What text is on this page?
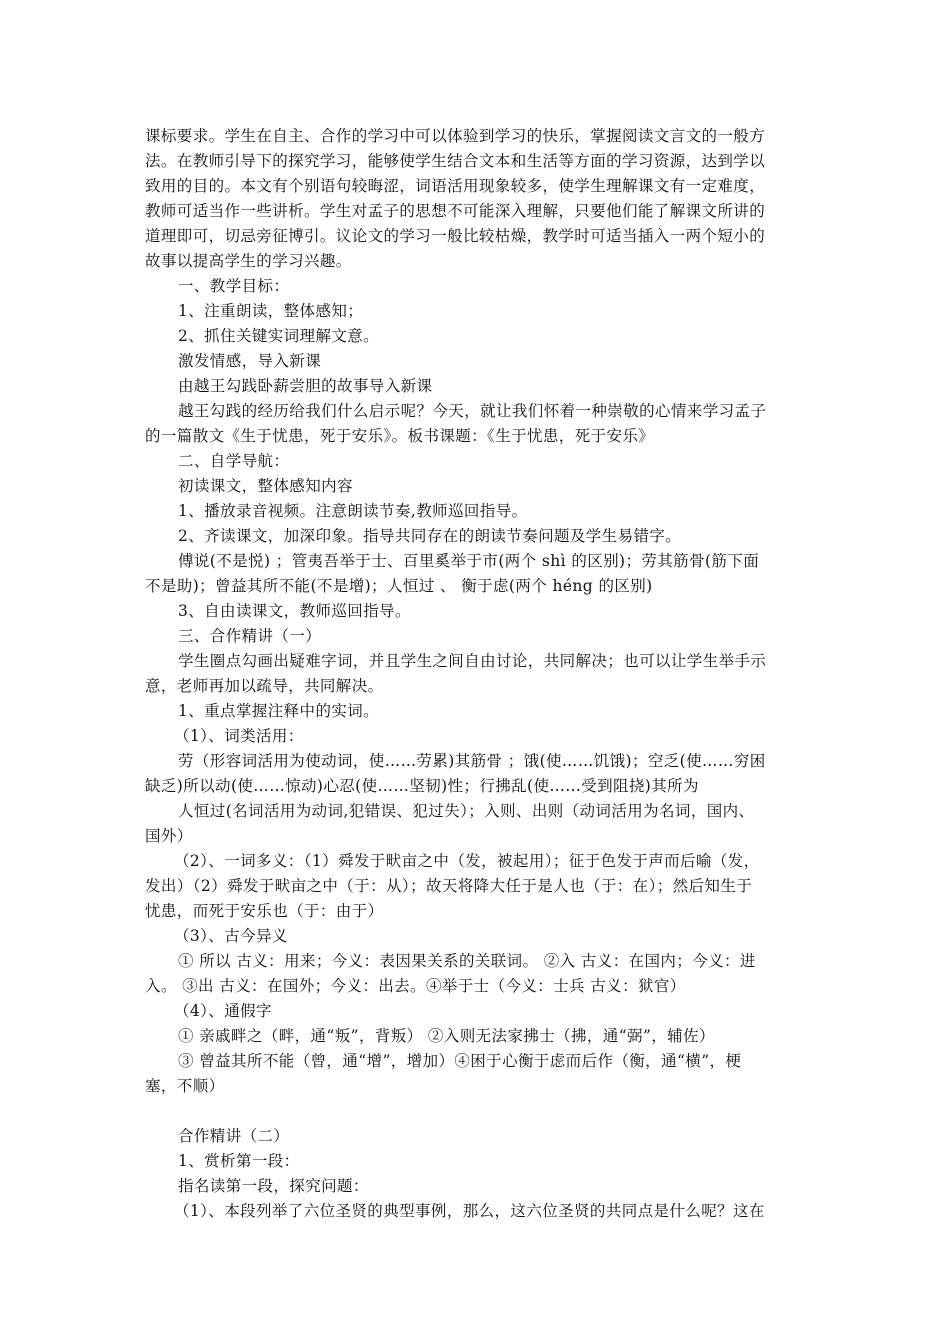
课标要求。学生在自主、合作的学习中可以体验到学习的快乐，掌握阅读文言文的一般方
法。在教师引导下的探究学习，能够使学生结合文本和生活等方面的学习资源，达到学以
致用的目的。本文有个别语句较晦涩，词语活用现象较多，使学生理解课文有一定难度，
教师可适当作一些讲析。学生对孟子的思想不可能深入理解，只要他们能了解课文所讲的
道理即可，切忌旁征博引。议论文的学习一般比较枯燥，教学时可适当插入一两个短小的
故事以提高学生的学习兴趣。
一、教学目标：
1、注重朗读，整体感知；
2、抓住关键实词理解文意。
激发情感，导入新课
由越王勾践卧薪尝胆的故事导入新课
越王勾践的经历给我们什么启示呢？今天，就让我们怀着一种崇敬的心情来学习孟子
的一篇散文《生于忧患，死于安乐》。板书课题：《生于忧患，死于安乐》
二、自学导航：
初读课文，整体感知内容
1、播放录音视频。注意朗读节奏,教师巡回指导。
2、齐读课文，加深印象。指导共同存在的朗读节奏问题及学生易错字。
傅说(不是悦) ；管夷吾举于士、百里奚举于市(两个 shì 的区别)；劳其筋骨(筋下面
不是助)；曾益其所不能(不是增)；人恒过 、 衡于虑(两个 héng 的区别)
3、自由读课文，教师巡回指导。
三、合作精讲（一）
学生圈点勾画出疑难字词，并且学生之间自由讨论，共同解决；也可以让学生举手示
意，老师再加以疏导，共同解决。
1、重点掌握注释中的实词。
（1）、词类活用：
劳（形容词活用为使动词，使……劳累)其筋骨 ；饿(使……饥饿)；空乏(使……穷困
缺乏)所以动(使……惊动)心忍(使……坚韧)性；行拂乱(使……受到阻挠)其所为
人恒过(名词活用为动词,犯错误、犯过失）；入则、出则（动词活用为名词，国内、
国外）
（2）、一词多义：（1）舜发于畎亩之中（发，被起用）；征于色发于声而后喻（发，
发出）（2）舜发于畎亩之中（于：从）；故天将降大任于是人也（于：在）；然后知生于
忧患，而死于安乐也（于：由于）
（3）、古今异义
① 所以 古义：用来；今义：表因果关系的关联词。 ②入 古义：在国内；今义：进
入。 ③出 古义：在国外；今义：出去。④举于士（今义：士兵 古义：狱官）
（4）、通假字
① 亲戚畔之（畔，通“叛”，背叛） ②入则无法家拂士（拂，通“弼”，辅佐）
③ 曾益其所不能（曾，通“增”，增加）④困于心衡于虑而后作（衡，通“横”，梗
塞，不顺）
合作精讲（二）
1、赏析第一段：
指名读第一段，探究问题：
（1）、本段列举了六位圣贤的典型事例，那么，这六位圣贤的共同点是什么呢？这在
